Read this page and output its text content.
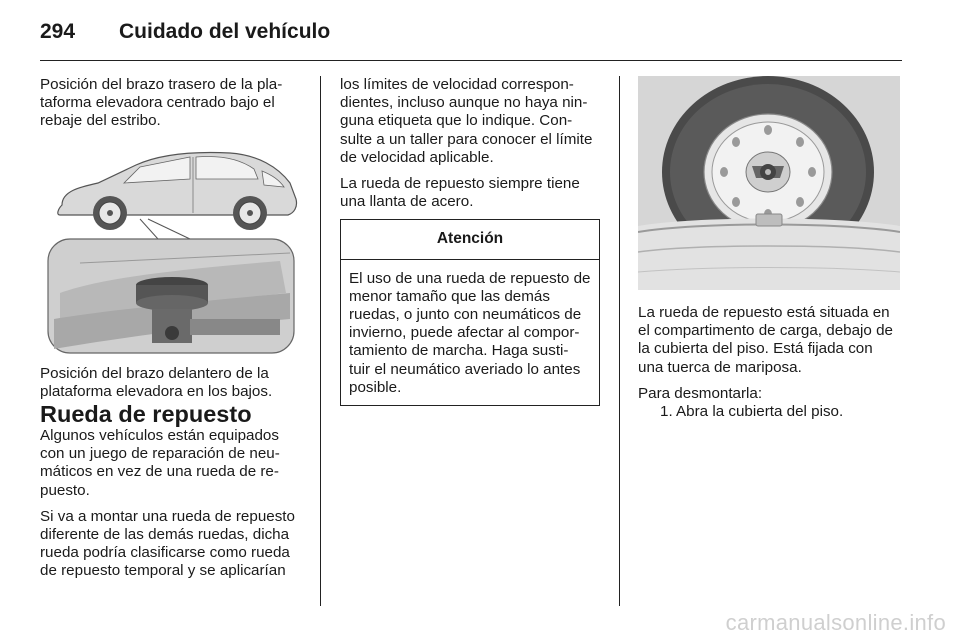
294 Cuidado del vehículo

Posición del brazo trasero de la pla- taforma elevadora centrado bajo el rebaje del estribo.

Posición del brazo delantero de la plataforma elevadora en los bajos.

Rueda de repuesto

Algunos vehículos están equipados con un juego de reparación de neu- máticos en vez de una rueda de re- puesto.

Si va a montar una rueda de repuesto diferente de las demás ruedas, dicha rueda podría clasificarse como rueda de repuesto temporal y se aplicarían

los límites de velocidad correspon- dientes, incluso aunque no haya nin- guna etiqueta que lo indique. Con- sulte a un taller para conocer el límite de velocidad aplicable.

La rueda de repuesto siempre tiene una llanta de acero.

Atención
El uso de una rueda de repuesto de menor tamaño que las demás ruedas, o junto con neumáticos de invierno, puede afectar al compor- tamiento de marcha. Haga susti- tuir el neumático averiado lo antes posible.

La rueda de repuesto está situada en el compartimento de carga, debajo de la cubierta del piso. Está fijada con una tuerca de mariposa.

Para desmontarla:

1. Abra la cubierta del piso.

carmanualsonline.info
